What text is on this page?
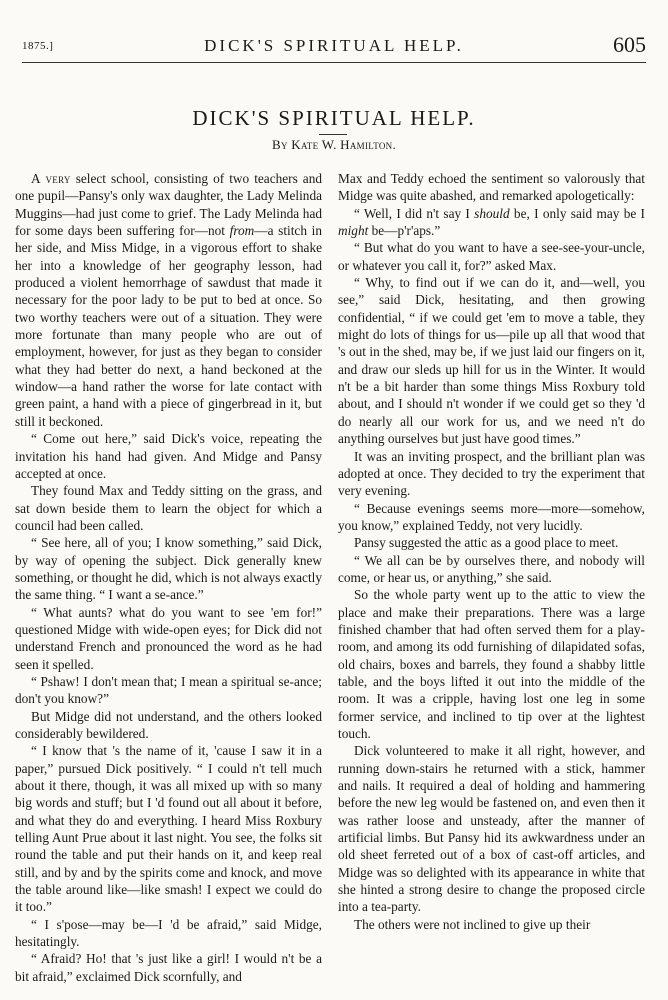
1875.]	DICK'S SPIRITUAL HELP.	605
DICK'S SPIRITUAL HELP.
By Kate W. Hamilton.

A very select school, consisting of two teachers and one pupil—Pansy's only wax daughter, the Lady Melinda Muggins—had just come to grief. The Lady Melinda had for some days been suffering for—not from—a stitch in her side, and Miss Midge, in a vigorous effort to shake her into a knowledge of her geography lesson, had produced a violent hemorrhage of sawdust that made it necessary for the poor lady to be put to bed at once. So two worthy teachers were out of a situation. They were more fortunate than many people who are out of employment, however, for just as they began to consider what they had better do next, a hand beckoned at the window—a hand rather the worse for late contact with green paint, a hand with a piece of gingerbread in it, but still it beckoned.

“ Come out here,” said Dick's voice, repeating the invitation his hand had given. And Midge and Pansy accepted at once.

They found Max and Teddy sitting on the grass, and sat down beside them to learn the object for which a council had been called.

“ See here, all of you; I know something,” said Dick, by way of opening the subject. Dick generally knew something, or thought he did, which is not always exactly the same thing. “ I want a se-ance.”

“ What aunts? what do you want to see 'em for!” questioned Midge with wide-open eyes; for Dick did not understand French and pronounced the word as he had seen it spelled.

“ Pshaw! I don't mean that; I mean a spiritual se-ance; don't you know?”

But Midge did not understand, and the others looked considerably bewildered.

“ I know that 's the name of it, 'cause I saw it in a paper,” pursued Dick positively. “ I could n't tell much about it there, though, it was all mixed up with so many big words and stuff; but I 'd found out all about it before, and what they do and everything. I heard Miss Roxbury telling Aunt Prue about it last night. You see, the folks sit round the table and put their hands on it, and keep real still, and by and by the spirits come and knock, and move the table around like—like smash! I expect we could do it too.”

“ I s'pose—may be—I 'd be afraid,” said Midge, hesitatingly.

“ Afraid? Ho! that 's just like a girl! I would n't be a bit afraid,” exclaimed Dick scornfully, and

Max and Teddy echoed the sentiment so valorously that Midge was quite abashed, and remarked apologetically:

“ Well, I did n't say I should be, I only said may be I might be—p'r'aps.”

“ But what do you want to have a see-see-your-uncle, or whatever you call it, for?” asked Max.

“ Why, to find out if we can do it, and—well, you see,” said Dick, hesitating, and then growing confidential, “ if we could get 'em to move a table, they might do lots of things for us—pile up all that wood that 's out in the shed, may be, if we just laid our fingers on it, and draw our sleds up hill for us in the Winter. It would n't be a bit harder than some things Miss Roxbury told about, and I should n't wonder if we could get so they 'd do nearly all our work for us, and we need n't do anything ourselves but just have good times.”

It was an inviting prospect, and the brilliant plan was adopted at once. They decided to try the experiment that very evening.

“ Because evenings seems more—more—somehow, you know,” explained Teddy, not very lucidly.

Pansy suggested the attic as a good place to meet.

“ We all can be by ourselves there, and nobody will come, or hear us, or anything,” she said.

So the whole party went up to the attic to view the place and make their preparations. There was a large finished chamber that had often served them for a play-room, and among its odd furnishing of dilapidated sofas, old chairs, boxes and barrels, they found a shabby little table, and the boys lifted it out into the middle of the room. It was a cripple, having lost one leg in some former service, and inclined to tip over at the lightest touch.

Dick volunteered to make it all right, however, and running down-stairs he returned with a stick, hammer and nails. It required a deal of holding and hammering before the new leg would be fastened on, and even then it was rather loose and unsteady, after the manner of artificial limbs. But Pansy hid its awkwardness under an old sheet ferreted out of a box of cast-off articles, and Midge was so delighted with its appearance in white that she hinted a strong desire to change the proposed circle into a tea-party.

The others were not inclined to give up their
